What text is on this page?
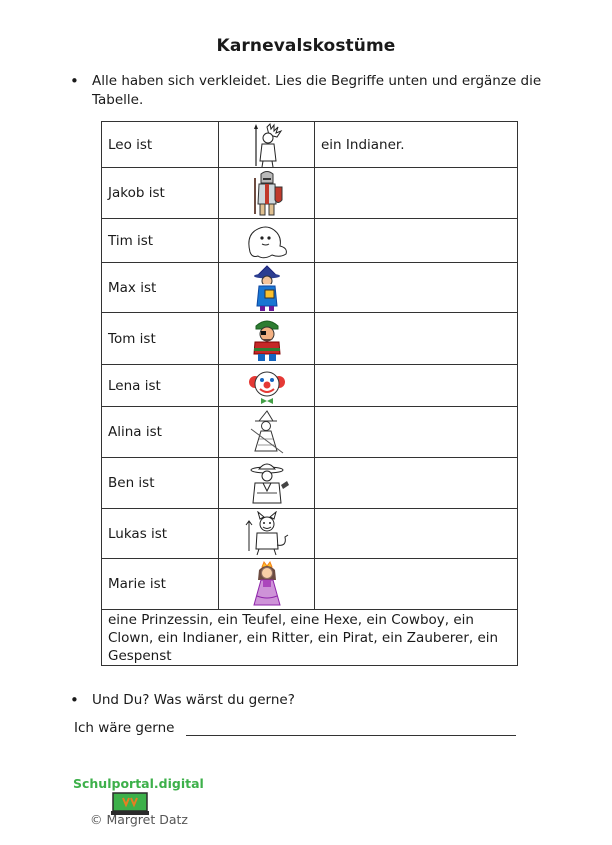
Karnevalskostüme
• Alle haben sich verkleidet. Lies die Begriffe unten und ergänze die Tabelle.
Leo ist		ein Indianer.
Jakob ist	

Tim ist	

Max ist	

Tom ist	

Lena ist	

Alina ist	

Ben ist	

Lukas ist	

Marie ist	

eine Prinzessin, ein Teufel, eine Hexe, ein Cowboy, ein Clown, ein Indianer, ein Ritter, ein Pirat, ein Zauberer, ein Gespenst		
• Und Du? Was wärst du gerne?
Ich wäre gerne
Schulportal.digital
© Margret Datz
